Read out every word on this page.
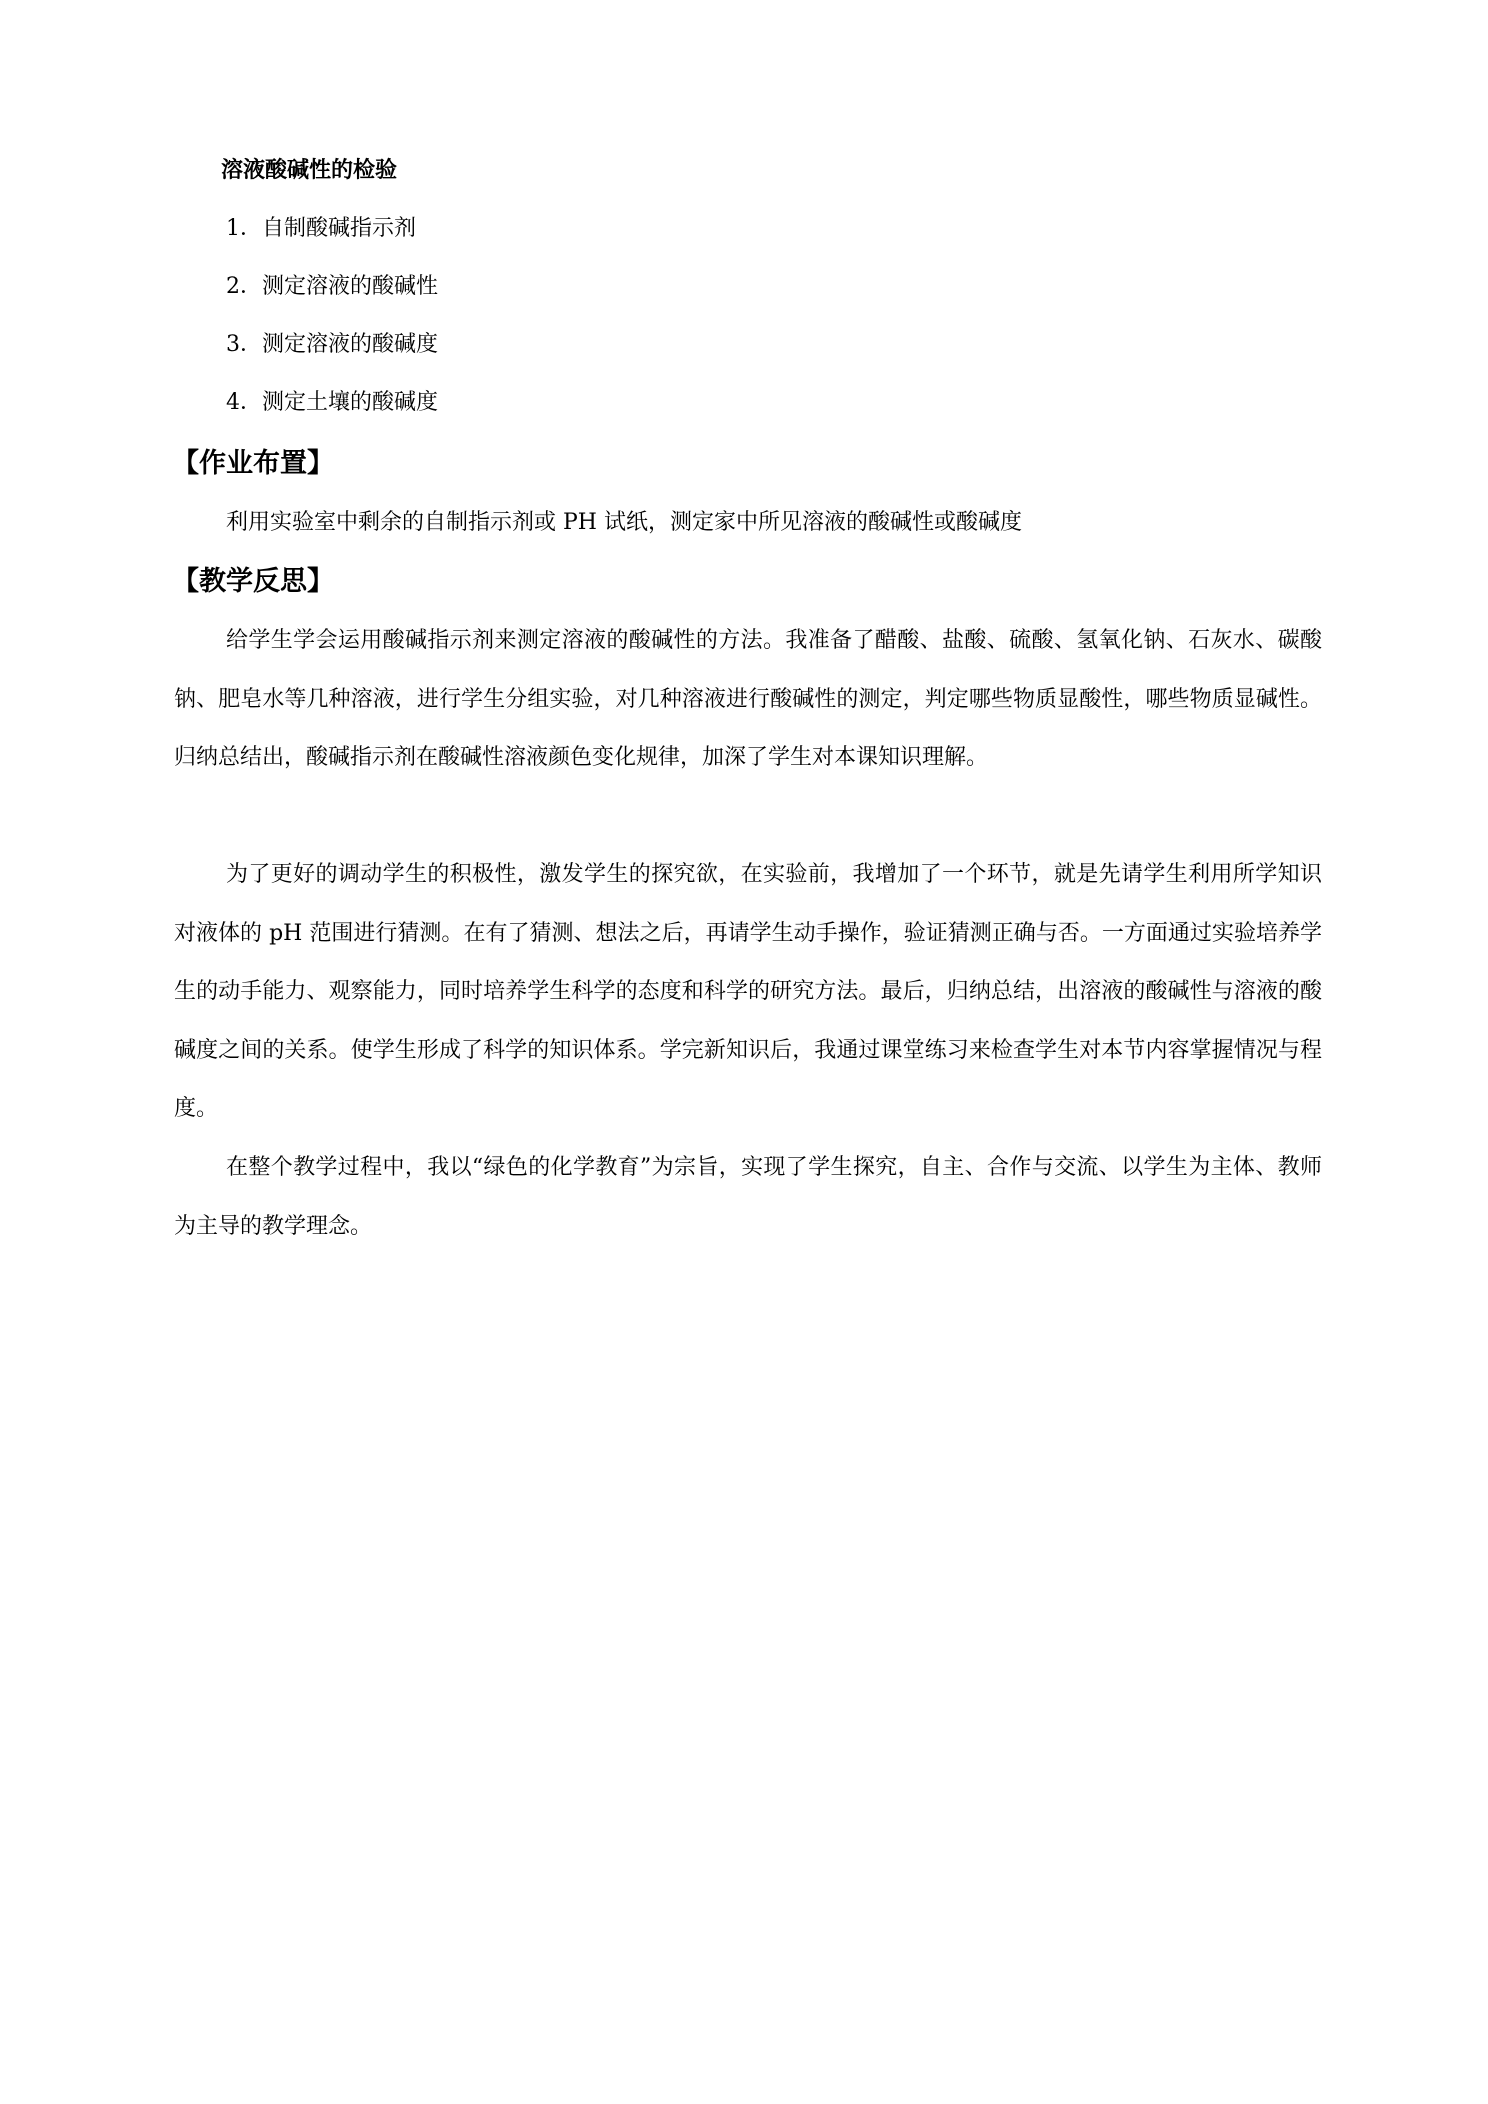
溶液酸碱性的检验
1．自制酸碱指示剂
2．测定溶液的酸碱性
3．测定溶液的酸碱度
4．测定土壤的酸碱度
【作业布置】
利用实验室中剩余的自制指示剂或 PH 试纸，测定家中所见溶液的酸碱性或酸碱度
【教学反思】
给学生学会运用酸碱指示剂来测定溶液的酸碱性的方法。我准备了醋酸、盐酸、硫酸、氢氧化钠、石灰水、碳酸钠、肥皂水等几种溶液，进行学生分组实验，对几种溶液进行酸碱性的测定，判定哪些物质显酸性，哪些物质显碱性。归纳总结出，酸碱指示剂在酸碱性溶液颜色变化规律，加深了学生对本课知识理解。
为了更好的调动学生的积极性，激发学生的探究欲，在实验前，我增加了一个环节，就是先请学生利用所学知识对液体的 pH 范围进行猜测。在有了猜测、想法之后，再请学生动手操作，验证猜测正确与否。一方面通过实验培养学生的动手能力、观察能力，同时培养学生科学的态度和科学的研究方法。最后，归纳总结，出溶液的酸碱性与溶液的酸碱度之间的关系。使学生形成了科学的知识体系。学完新知识后，我通过课堂练习来检查学生对本节内容掌握情况与程度。
在整个教学过程中，我以“绿色的化学教育”为宗旨，实现了学生探究，自主、合作与交流、以学生为主体、教师为主导的教学理念。
